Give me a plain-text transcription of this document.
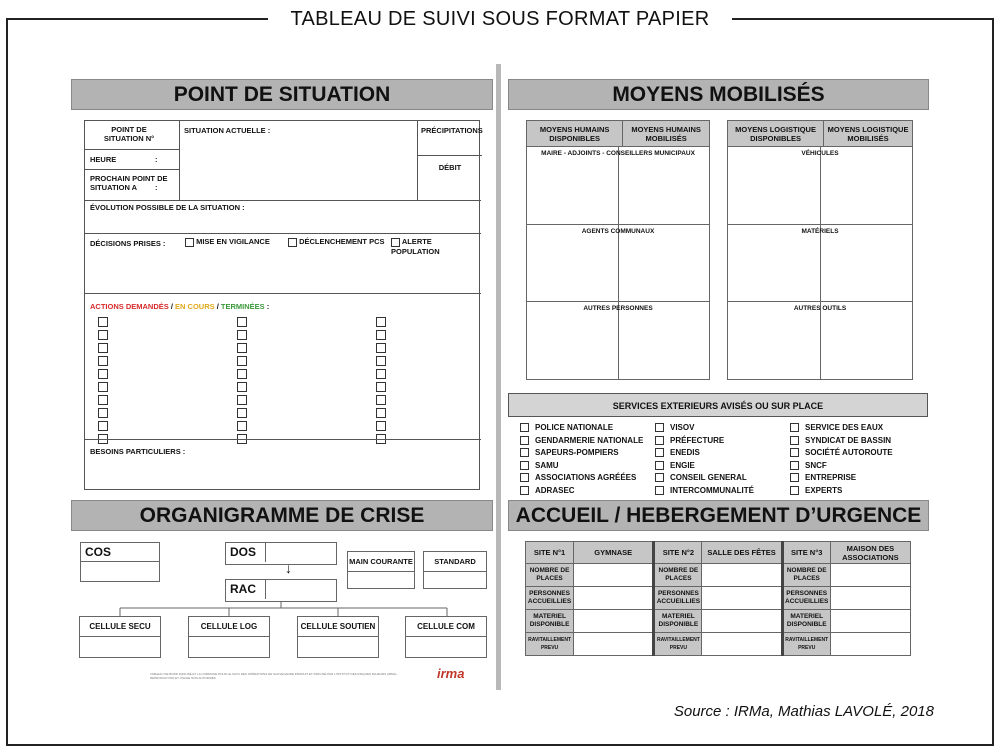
TABLEAU DE SUIVI SOUS FORMAT PAPIER
POINT DE SITUATION
POINT DE SITUATION N°
HEURE	:
PROCHAIN POINT DE SITUATION A	:
SITUATION ACTUELLE :	PRÉCIPITATIONS
DÉBIT
ÉVOLUTION POSSIBLE DE LA SITUATION :
DÉCISIONS PRISES :	MISE EN VIGILANCE	DÉCLENCHEMENT PCS	ALERTE POPULATION
ACTIONS DEMANDÉS / EN COURS / TERMINÉES :
BESOINS PARTICULIERS :
MOYENS MOBILISÉS
MOYENS HUMAINS DISPONIBLES	MOYENS HUMAINS MOBILISÉS

MAIRE - ADJOINTS - CONSEILLERS MUNICIPAUX

AGENTS COMMUNAUX

AUTRES PERSONNES
MOYENS LOGISTIQUE DISPONIBLES	MOYENS LOGISTIQUE MOBILISÉS

VÉHICULES

MATÉRIELS

AUTRES OUTILS
SERVICES EXTERIEURS AVISÉS OU SUR PLACE
POLICE NATIONALE
GENDARMERIE NATIONALE
SAPEURS-POMPIERS
SAMU
ASSOCIATIONS AGRÉÉES
ADRASEC
VISOV
PRÉFECTURE
ENEDIS
ENGIE
CONSEIL GENERAL
INTERCOMMUNALITÉ
SERVICE DES EAUX
SYNDICAT DE BASSIN
SOCIÉTÉ AUTOROUTE
SNCF
ENTREPRISE
EXPERTS
ORGANIGRAMME DE CRISE
COS	DOS
↓
RAC
MAIN COURANTE	STANDARD
CELLULE SECU	CELLULE LOG	CELLULE SOUTIEN	CELLULE COM
TABLEAU DE BORD DIFFUSÉ ET LA COMMUNE POUR LE SUIVI DES OPÉRATIONS DE SAUVEGARDE PRODUIT ET DIFFUSÉ PAR L'INSTITUT DES RISQUES MAJEURS (IRMA). REPRODUCTION ET USAGE NON AUTORISÉS	irma
ACCUEIL / HEBERGEMENT D’URGENCE
SITE N°1	GYMNASE	SITE N°2	SALLE DES FÊTES	SITE N°3	MAISON DES ASSOCIATIONS
NOMBRE DE PLACES		NOMBRE DE PLACES		NOMBRE DE PLACES	
PERSONNES ACCUEILLIES		PERSONNES ACCUEILLIES		PERSONNES ACCUEILLIES	
MATERIEL DISPONIBLE		MATERIEL DISPONIBLE		MATERIEL DISPONIBLE	
RAVITAILLEMENT PREVU		RAVITAILLEMENT PREVU		RAVITAILLEMENT PREVU	
Source : IRMa, Mathias LAVOLÉ, 2018
